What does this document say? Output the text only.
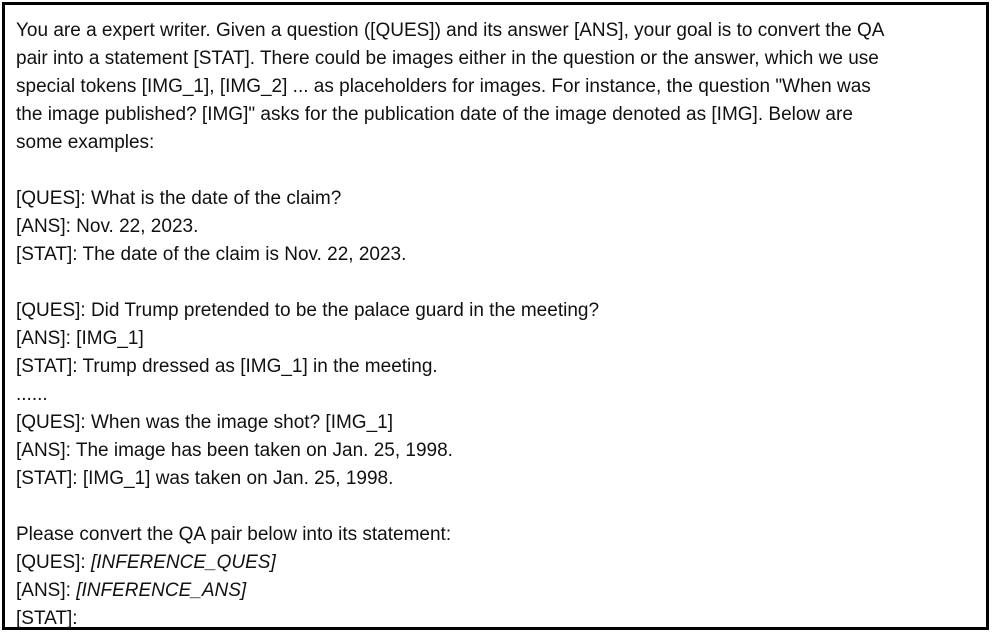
You are a expert writer. Given a question ([QUES]) and its answer [ANS], your goal is to convert the QA
pair into a statement [STAT]. There could be images either in the question or the answer, which we use
special tokens [IMG_1], [IMG_2] ... as placeholders for images. For instance, the question "When was
the image published? [IMG]" asks for the publication date of the image denoted as [IMG]. Below are
some examples:
[QUES]: What is the date of the claim?
[ANS]: Nov. 22, 2023.
[STAT]: The date of the claim is Nov. 22, 2023.
[QUES]: Did Trump pretended to be the palace guard in the meeting?
[ANS]: [IMG_1]
[STAT]: Trump dressed as [IMG_1] in the meeting.
......
[QUES]: When was the image shot? [IMG_1]
[ANS]: The image has been taken on Jan. 25, 1998.
[STAT]: [IMG_1] was taken on Jan. 25, 1998.
Please convert the QA pair below into its statement:
[QUES]: [INFERENCE_QUES]
[ANS]: [INFERENCE_ANS]
[STAT]:
